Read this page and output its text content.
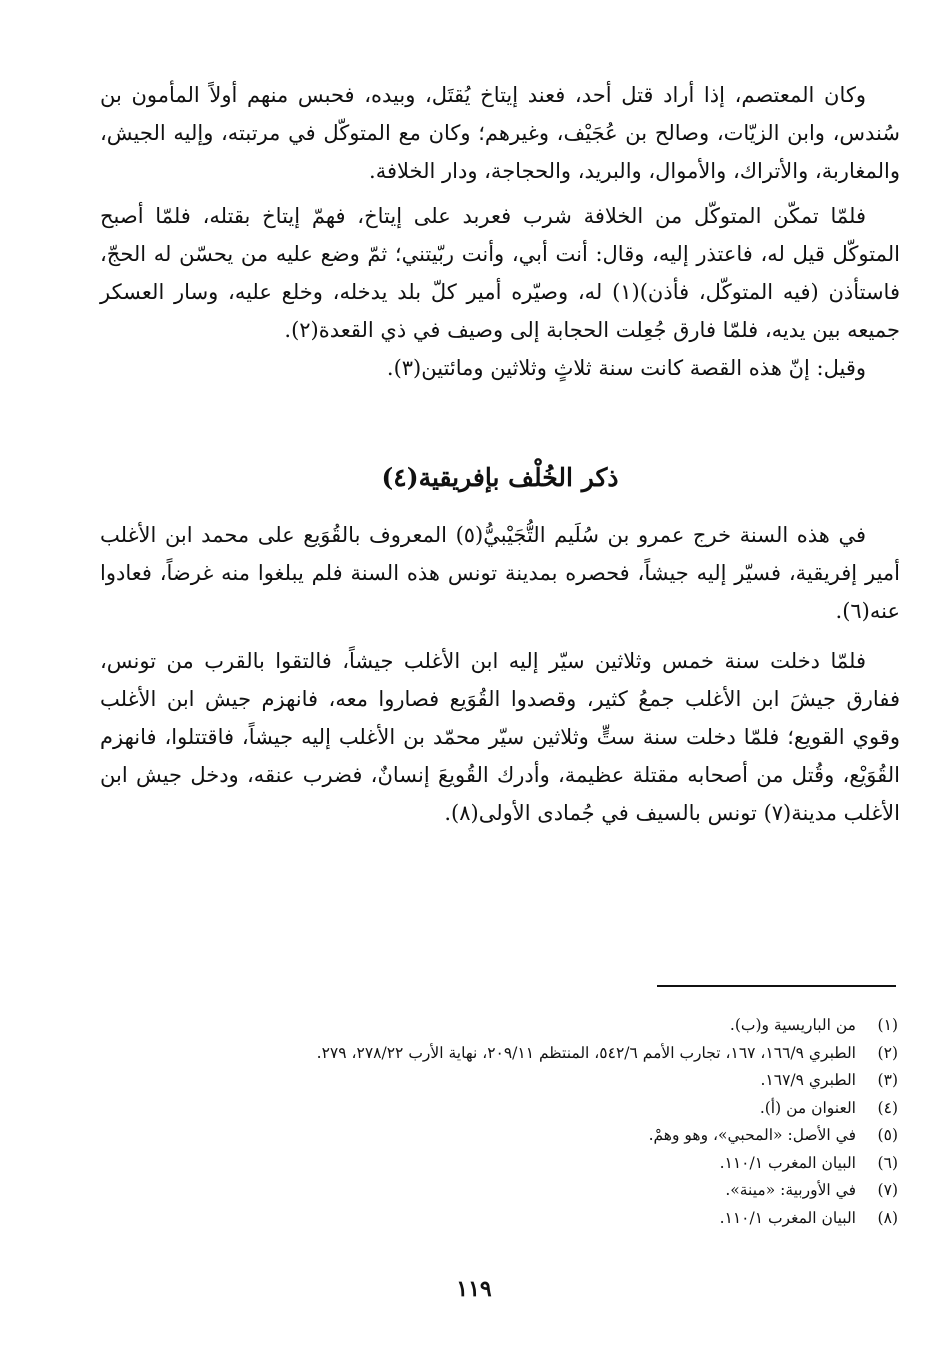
وكان المعتصم، إذا أراد قتل أحد، فعند إيتاخ يُقتَل، وبيده، فحبس منهم أولاً المأمون بن سُندس، وابن الزيّات، وصالح بن عُجَيْف، وغيرهم؛ وكان مع المتوكّل في مرتبته، وإليه الجيش، والمغاربة، والأتراك، والأموال، والبريد، والحجاجة، ودار الخلافة.

فلمّا تمكّن المتوكّل من الخلافة شرب فعربد على إيتاخ، فهمّ إيتاخ بقتله، فلمّا أصبح المتوكّل قيل له، فاعتذر إليه، وقال: أنت أبي، وأنت ربّيتني؛ ثمّ وضع عليه من يحسّن له الحجّ، فاستأذن (فيه المتوكّل، فأذن)(١) له، وصيّره أمير كلّ بلد يدخله، وخلع عليه، وسار العسكر جميعه بين يديه، فلمّا فارق جُعِلت الحجابة إلى وصيف في ذي القعدة(٢).

وقيل: إنّ هذه القصة كانت سنة ثلاثٍ وثلاثين ومائتين(٣).

ذكر الخُلْف بإفريقية(٤)

في هذه السنة خرج عمرو بن سُلَيم التُّجَيْبيُّ(٥) المعروف بالقُوَيع على محمد ابن الأغلب أمير إفريقية، فسيّر إليه جيشاً، فحصره بمدينة تونس هذه السنة فلم يبلغوا منه غرضاً، فعادوا عنه(٦).

فلمّا دخلت سنة خمس وثلاثين سيّر إليه ابن الأغلب جيشاً، فالتقوا بالقرب من تونس، ففارق جيشَ ابن الأغلب جمعُ كثير، وقصدوا القُوَيع فصاروا معه، فانهزم جيش ابن الأغلب وقوي القويع؛ فلمّا دخلت سنة ستٍّ وثلاثين سيّر محمّد بن الأغلب إليه جيشاً، فاقتتلوا، فانهزم القُوَيْع، وقُتل من أصحابه مقتلة عظيمة، وأدرك القُويعَ إنسانٌ، فضرب عنقه، ودخل جيش ابن الأغلب مدينة(٧) تونس بالسيف في جُمادى الأولى(٨).

(١)من الباريسية و(ب).
(٢)الطبري ١٦٦/٩، ١٦٧، تجارب الأمم ٥٤٢/٦، المنتظم ٢٠٩/١١، نهاية الأرب ٢٧٨/٢٢، ٢٧٩.
(٣)الطبري ١٦٧/٩.
(٤)العنوان من (أ).
(٥)في الأصل: «المحبي»، وهو وهمْ.
(٦)البيان المغرب ١١٠/١.
(٧)في الأوربية: «مينة».
(٨)البيان المغرب ١١٠/١.
١١٩
